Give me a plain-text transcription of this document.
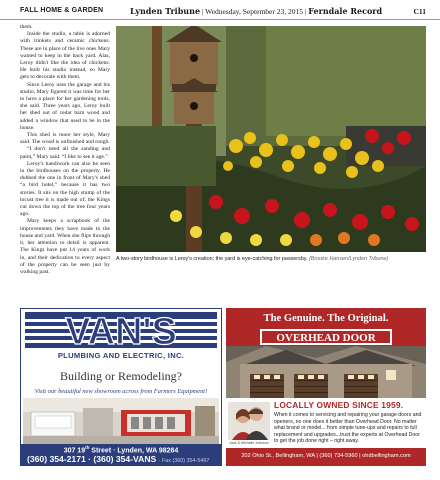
FALL HOME & GARDEN	Lynden Tribune | Wednesday, September 23, 2015 | Ferndale Record	C11

them.

Inside the studio, a table is adorned with trinkets and ceramic chickens. These are in place of the live ones Mary wanted to keep in the back yard. Alas, Leroy didn't like the idea of chickens. He built his studio instead, so Mary gets to decorate with them.

Since Leroy uses the garage and his studio, Mary figured it was time for her to have a place for her gardening tools, she said. Three years ago, Leroy built her shed out of cedar barn wood and added a window that used to be in the house.

This shed is more her style, Mary said. The wood is unfinished and rough.

“I don't need all the sanding and paint,” Mary said. “I like to see it age.”

Leroy's handiwork can also be seen in the birdhouses on the property. He dubbed the one in front of Mary's shed “a bird hotel,” because it has two stories. It sits on the high stump of the locust tree it is made out of; the Kings cut down the top of the tree four years ago.

Mary keeps a scrapbook of the improvements they have made to the house and yard. When she flips through it, her attention to detail is apparent. The Kings have put 14 years of work in, and their dedication to every aspect of the property can be seen just by walking past.

A two-story birdhouse is Leroy's creation; the yard is eye-catching for passersby. (Brooke Hansen/Lynden Tribune)
VAN'S
PLUMBING AND ELECTRIC, INC.
Building or Remodeling?
Visit our beautiful new showroom across from Farmers Equipment!
307 19th Street · Lynden, WA 98264
(360) 354-2171 · (360) 354-VANS · Fax (360) 354-5497
The Genuine. The Original.
OVERHEAD DOOR
LOCALLY OWNED SINCE 1959.
When it comes to servicing and repairing your garage doors and openers, no one does it better than Overhead Door. No matter what brand or model... from simple tune-ups and repairs to full replacement and upgrades...trust the experts at Overhead Door to get the job done right – right away.
Jack & Michelle Johnson
202 Ohio St., Bellingham, WA | (360) 734-5960 | ohdbellingham.com
